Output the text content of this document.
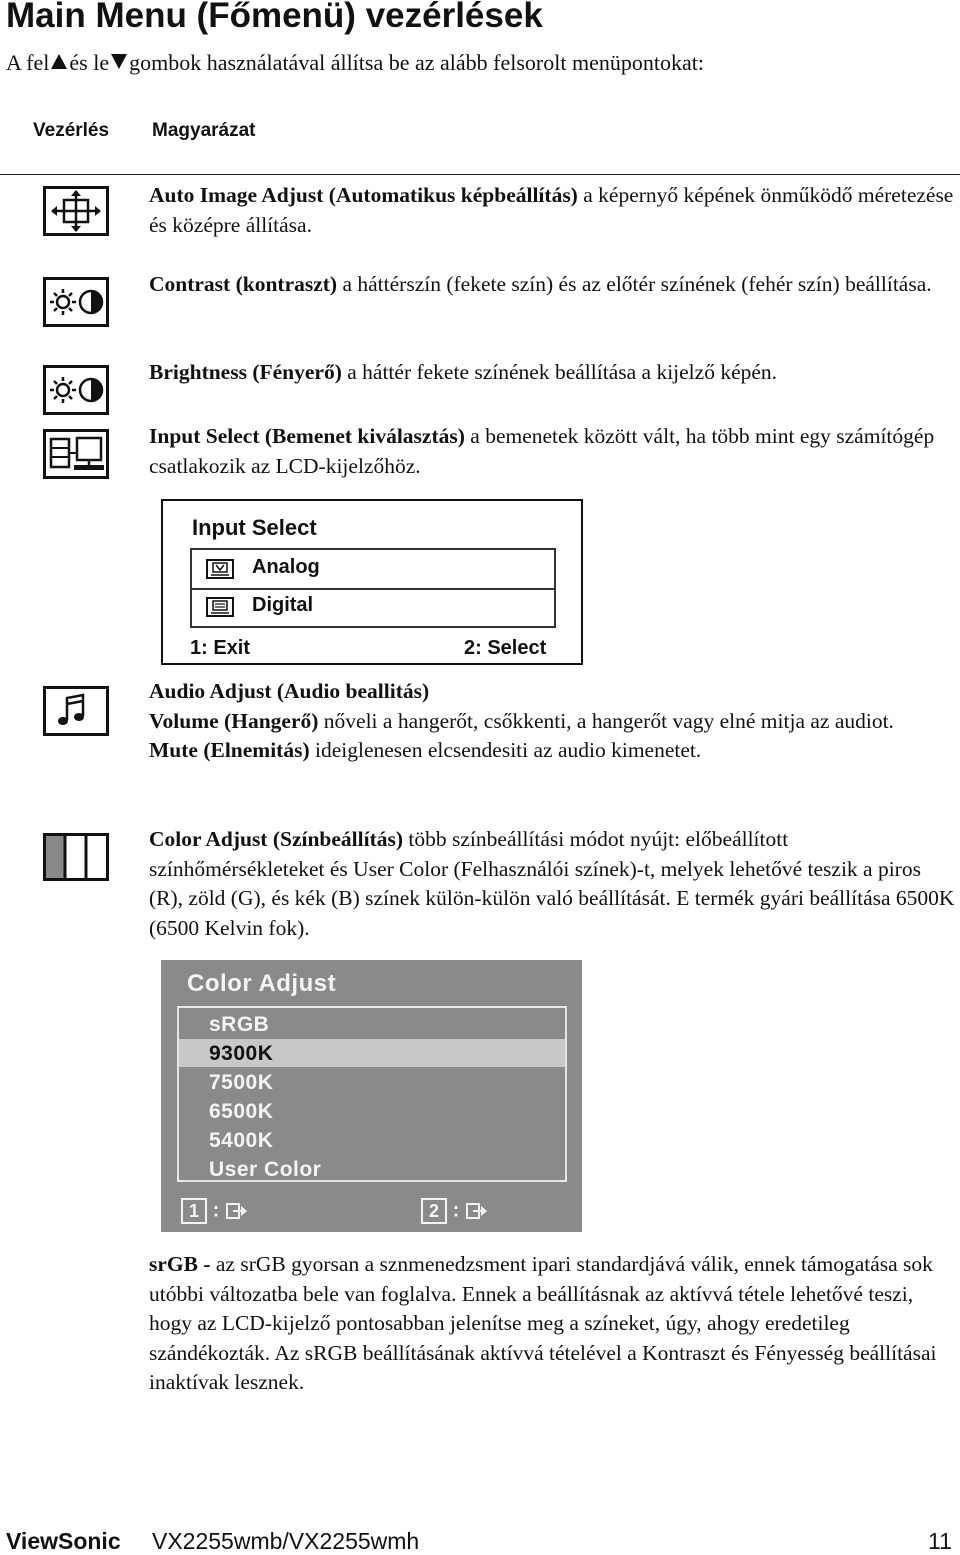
Main Menu (Főmenü) vezérlések
A fel és le gombok használatával állítsa be az alább felsorolt menüpontokat:
Vezérlés Magyarázat
Auto Image Adjust (Automatikus képbeállítás) a képernyő képének önműködő méretezése és középre állítása.
Contrast (kontraszt) a háttérszín (fekete szín) és az előtér színének (fehér szín) beállítása.
Brightness (Fényerő) a háttér fekete színének beállítása a kijelző képén.
Input Select (Bemenet kiválasztás) a bemenetek között vált, ha több mint egy számítógép csatlakozik az LCD-kijelzőhöz.
Input Select
Analog
Digital
1: Exit	2: Select
Audio Adjust (Audio beallitás)
Volume (Hangerő) nőveli a hangerőt, csőkkenti, a hangerőt vagy elné mitja az audiot.
Mute (Elnemitás) ideiglenesen elcsendesiti az audio kimenetet.
Color Adjust (Színbeállítás) több színbeállítási módot nyújt: előbeállított színhőmérsékleteket és User Color (Felhasználói színek)-t, melyek lehetővé teszik a piros (R), zöld (G), és kék (B) színek külön-külön való beállítását. E termék gyári beállítása 6500K (6500 Kelvin fok).
Color Adjust
sRGB
9300K
7500K
6500K
5400K
User Color
1 :	2 :
srGB - az srGB gyorsan a sznmenedzsment ipari standardjává válik, ennek támogatása sok utóbbi változatba bele van foglalva. Ennek a beállításnak az aktívvá tétele lehetővé teszi, hogy az LCD-kijelző pontosabban jelenítse meg a színeket, úgy, ahogy eredetileg szándékozták. Az sRGB beállításának aktívvá tételével a Kontraszt és Fényesség beállításai inaktívak lesznek.
ViewSonic VX2255wmb/VX2255wmh	11
